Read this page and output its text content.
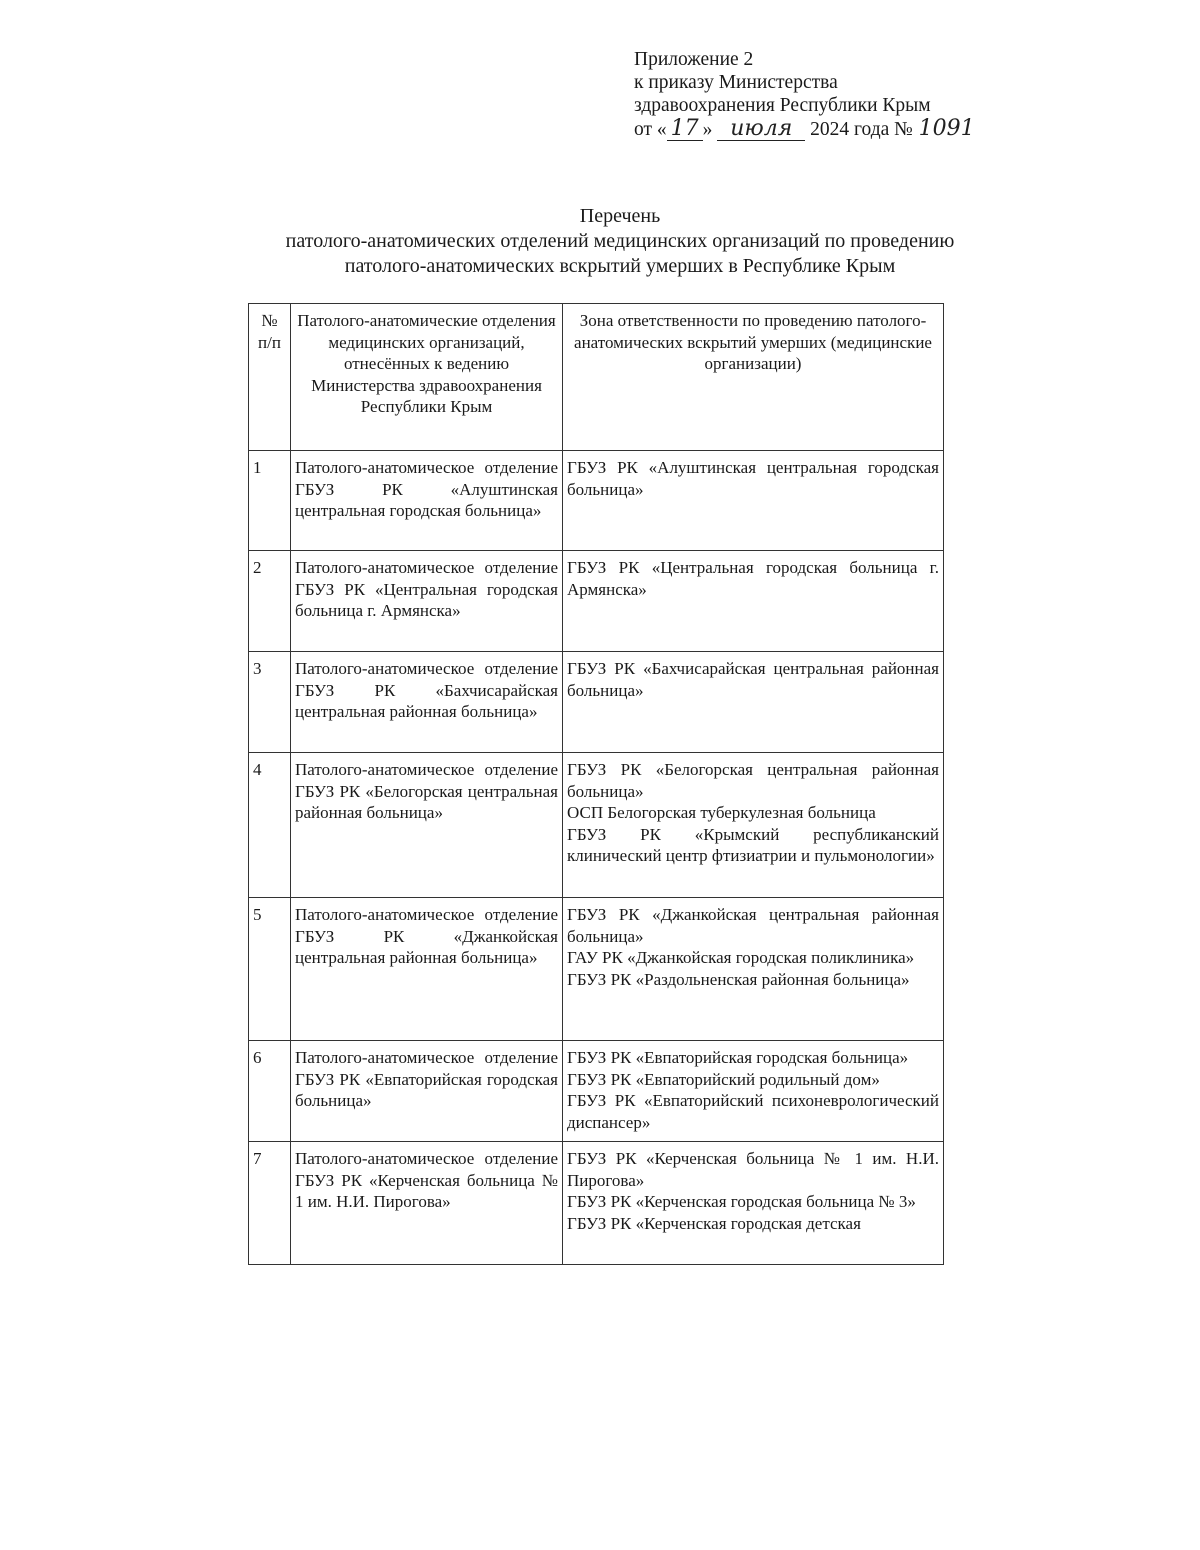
Приложение 2
к приказу Министерства
здравоохранения Республики Крым
от « 17 » июля 2024 года № 1091
Перечень
патолого-анатомических отделений медицинских организаций по проведению
патолого-анатомических вскрытий умерших в Республике Крым
№ п/п	Патолого-анатомические отделения медицинских организаций, отнесённых к ведению Министерства здравоохранения Республики Крым	Зона ответственности по проведению патолого-анатомических вскрытий умерших (медицинские организации)
1	Патолого-анатомическое отделение ГБУЗ РК «Алуштинская центральная городская больница»	ГБУЗ РК «Алуштинская центральная городская больница»

2	Патолого-анатомическое отделение ГБУЗ РК «Центральная городская больница г. Армянска»	ГБУЗ РК «Центральная городская больница г. Армянска»

3	Патолого-анатомическое отделение ГБУЗ РК «Бахчисарайская центральная районная больница»	ГБУЗ РК «Бахчисарайская центральная районная больница»

4	Патолого-анатомическое отделение ГБУЗ РК «Белогорская центральная районная больница»	ГБУЗ РК «Белогорская центральная районная больница»
ОСП Белогорская туберкулезная больница
ГБУЗ РК «Крымский республиканский клинический центр фтизиатрии и пульмонологии»

5	Патолого-анатомическое отделение ГБУЗ РК «Джанкойская центральная районная больница»	ГБУЗ РК «Джанкойская центральная районная больница»
ГАУ РК «Джанкойская городская поликлиника»
ГБУЗ РК «Раздольненская районная больница»

6	Патолого-анатомическое отделение ГБУЗ РК «Евпаторийская городская больница»	ГБУЗ РК «Евпаторийская городская больница»
ГБУЗ РК «Евпаторийский родильный дом»
ГБУЗ РК «Евпаторийский психоневрологический диспансер»

7	Патолого-анатомическое отделение ГБУЗ РК «Керченская больница № 1 им. Н.И. Пирогова»	ГБУЗ РК «Керченская больница № 1 им. Н.И. Пирогова»
ГБУЗ РК «Керченская городская больница № 3»
ГБУЗ РК «Керченская городская детская
